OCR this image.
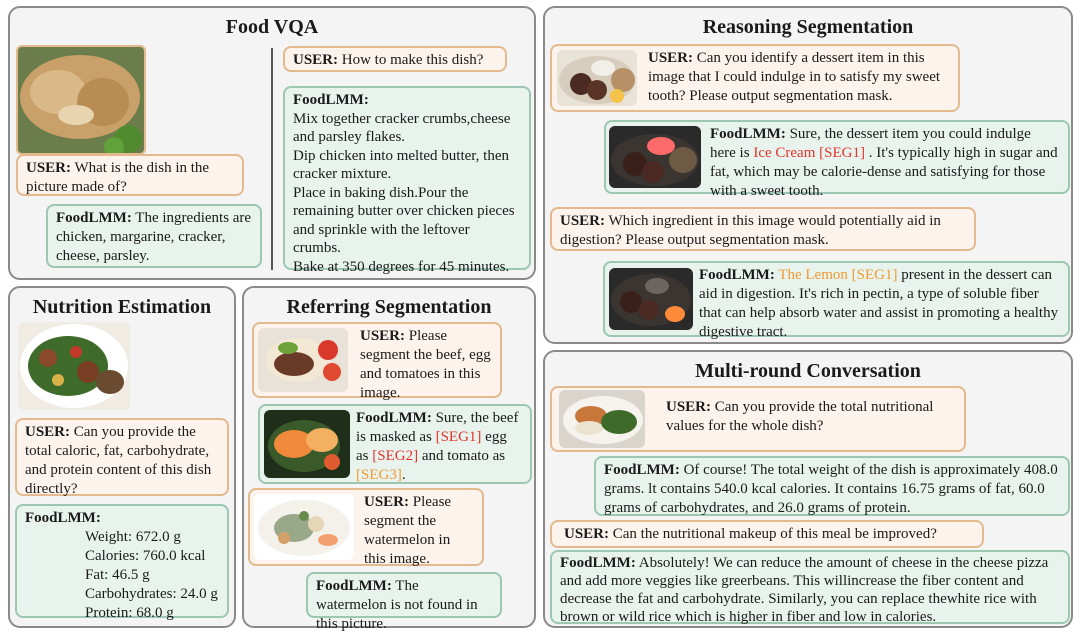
Food VQA
USER: What is the dish in the picture made of?
FoodLMM: The ingredients are chicken, margarine, cracker, cheese, parsley.
USER: How to make this dish?
FoodLMM:
Mix together cracker crumbs,cheese and parsley flakes.
Dip chicken into melted butter, then cracker mixture.
Place in baking dish.Pour the remaining butter over chicken pieces and sprinkle with the leftover crumbs.
Bake at 350 degrees for 45 minutes.
Reasoning Segmentation
USER: Can you identify a dessert item in this image that I could indulge in to satisfy my sweet tooth? Please output segmentation mask.
FoodLMM: Sure, the dessert item you could indulge here is Ice Cream [SEG1] . It's typically high in sugar and fat, which may be calorie-dense and satisfying for those with a sweet tooth.
USER: Which ingredient in this image would potentially aid in digestion? Please output segmentation mask.
FoodLMM: The Lemon [SEG1] present in the dessert can aid in digestion. It's rich in pectin, a type of soluble fiber that can help absorb water and assist in promoting a healthy digestive tract.
Nutrition Estimation
USER: Can you provide the total caloric, fat, carbohydrate, and protein content of this dish directly?
FoodLMM:
Weight: 672.0 g
Calories: 760.0 kcal
Fat: 46.5 g
Carbohydrates: 24.0 g
Protein: 68.0 g
Referring Segmentation
USER: Please segment the beef, egg and tomatoes in this image.
FoodLMM: Sure, the beef is masked as [SEG1] egg as [SEG2] and tomato as [SEG3].
USER: Please segment the watermelon in this image.
FoodLMM: The watermelon is not found in this picture.
Multi-round Conversation
USER: Can you provide the total nutritional values for the whole dish?
FoodLMM: Of course! The total weight of the dish is approximately 408.0 grams. lt contains 540.0 kcal calories. It contains 16.75 grams of fat, 60.0 grams of carbohydrates, and 26.0 grams of protein.
USER: Can the nutritional makeup of this meal be improved?
FoodLMM: Absolutely! We can reduce the amount of cheese in the cheese pizza and add more veggies like greerbeans. This willincrease the fiber content and decrease the fat and carbohydrate. Similarly, you can replace thewhite rice with brown or wild rice which is higher in fiber and low in calories.
